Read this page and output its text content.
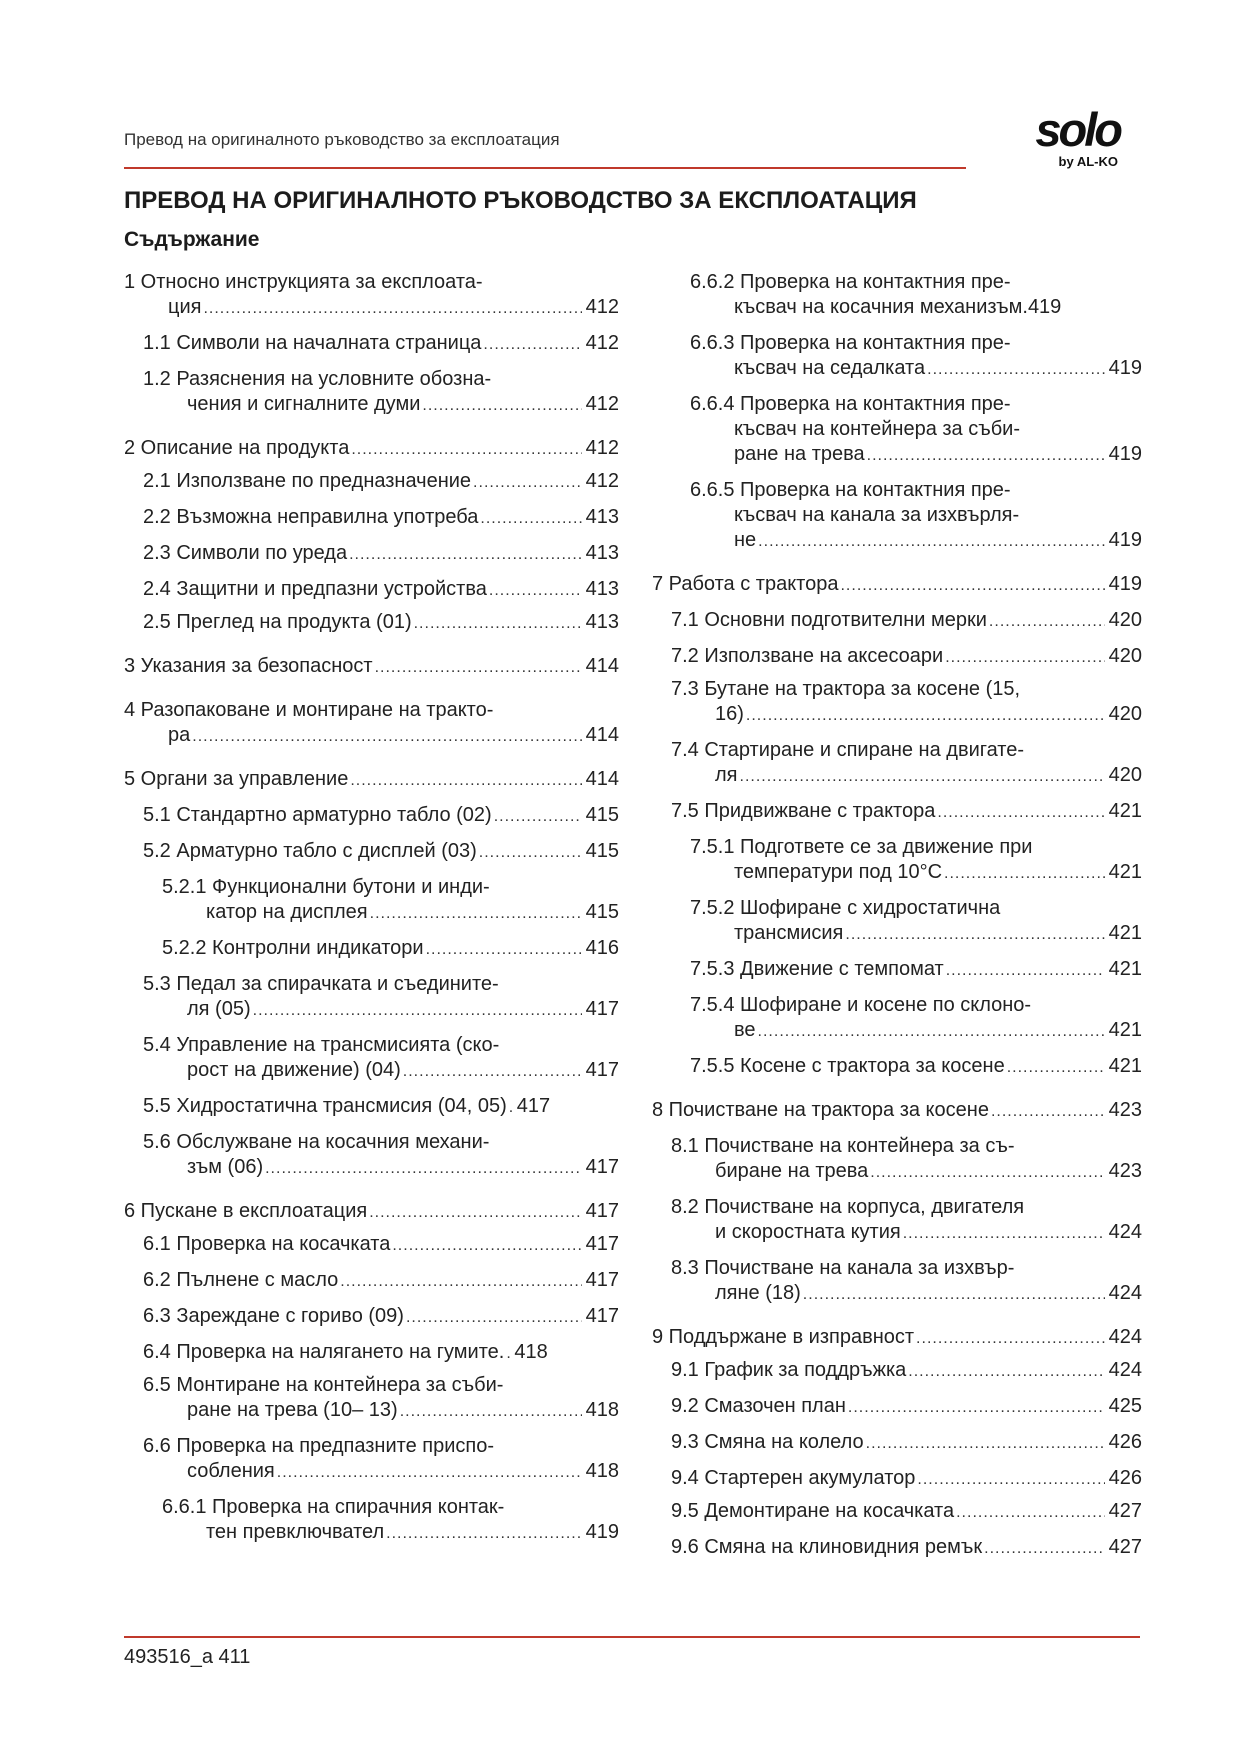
Превод на оригиналното ръководство за експлоатация	solo
by AL-KO
ПРЕВОД НА ОРИГИНАЛНОТО РЪКОВОДСТВО ЗА ЕКСПЛОАТАЦИЯ
Съдържание
1 Относно инструкцията за експлоата-
ция .....	412
1.1 Символи на началната страница .....	412
1.2 Разяснения на условните обозна-
чения и сигналните думи .....	412
2 Описание на продукта .....	412
2.1 Използване по предназначение .....	412
2.2 Възможна неправилна употреба .....	413
2.3 Символи по уреда .....	413
2.4 Защитни и предпазни устройства .....	413
2.5 Преглед на продукта (01) .....	413
3 Указания за безопасност .....	414
4 Разопаковане и монтиране на тракто-
ра .....	414
5 Органи за управление .....	414
5.1 Стандартно арматурно табло (02) .....	415
5.2 Арматурно табло с дисплей (03) .....	415
5.2.1 Функционални бутони и инди-
катор на дисплея .....	415
5.2.2 Контролни индикатори .....	416
5.3 Педал за спирачката и съедините-
ля (05) .....	417
5.4 Управление на трансмисията (ско-
рост на движение) (04) .....	417
5.5 Хидростатична трансмисия (04, 05) ..... 417
5.6 Обслужване на косачния механи-
зъм (06) .....	417
6 Пускане в експлоатация .....	417
6.1 Проверка на косачката .....	417
6.2 Пълнене с масло .....	417
6.3 Зареждане с гориво (09) .....	417
6.4 Проверка на налягането на гумите. ..... 418
6.5 Монтиране на контейнера за съби-
ране на трева (10– 13) .....	418
6.6 Проверка на предпазните приспо-
собления .....	418
6.6.1 Проверка на спирачния контак-
тен превключвател .....	419
6.6.2 Проверка на контактния пре-
късвач на косачния механизъм. 419
6.6.3 Проверка на контактния пре-
късвач на седалката .....	419
6.6.4 Проверка на контактния пре-
късвач на контейнера за съби-
ране на трева .....	419
6.6.5 Проверка на контактния пре-
късвач на канала за изхвърля-
не .....	419
7 Работа с трактора .....	419
7.1 Основни подготвителни мерки .....	420
7.2 Използване на аксесоари .....	420
7.3 Бутане на трактора за косене (15,
16) .....	420
7.4 Стартиране и спиране на двигате-
ля .....	420
7.5 Придвижване с трактора .....	421
7.5.1 Подгответе се за движение при
температури под 10°C .....	421
7.5.2 Шофиране с хидростатична
трансмисия .....	421
7.5.3 Движение с темпомат .....	421
7.5.4 Шофиране и косене по склоно-
ве .....	421
7.5.5 Косене с трактора за косене .....	421
8 Почистване на трактора за косене .....	423
8.1 Почистване на контейнера за съ-
биране на трева .....	423
8.2 Почистване на корпуса, двигателя
и скоростната кутия .....	424
8.3 Почистване на канала за изхвър-
ляне (18) .....	424
9 Поддържане в изправност .....	424
9.1 График за поддръжка .....	424
9.2 Смазочен план .....	425
9.3 Смяна на колело .....	426
9.4 Стартерен акумулатор .....	426
9.5 Демонтиране на косачката .....	427
9.6 Смяна на клиновидния ремък .....	427
493516_a 411
